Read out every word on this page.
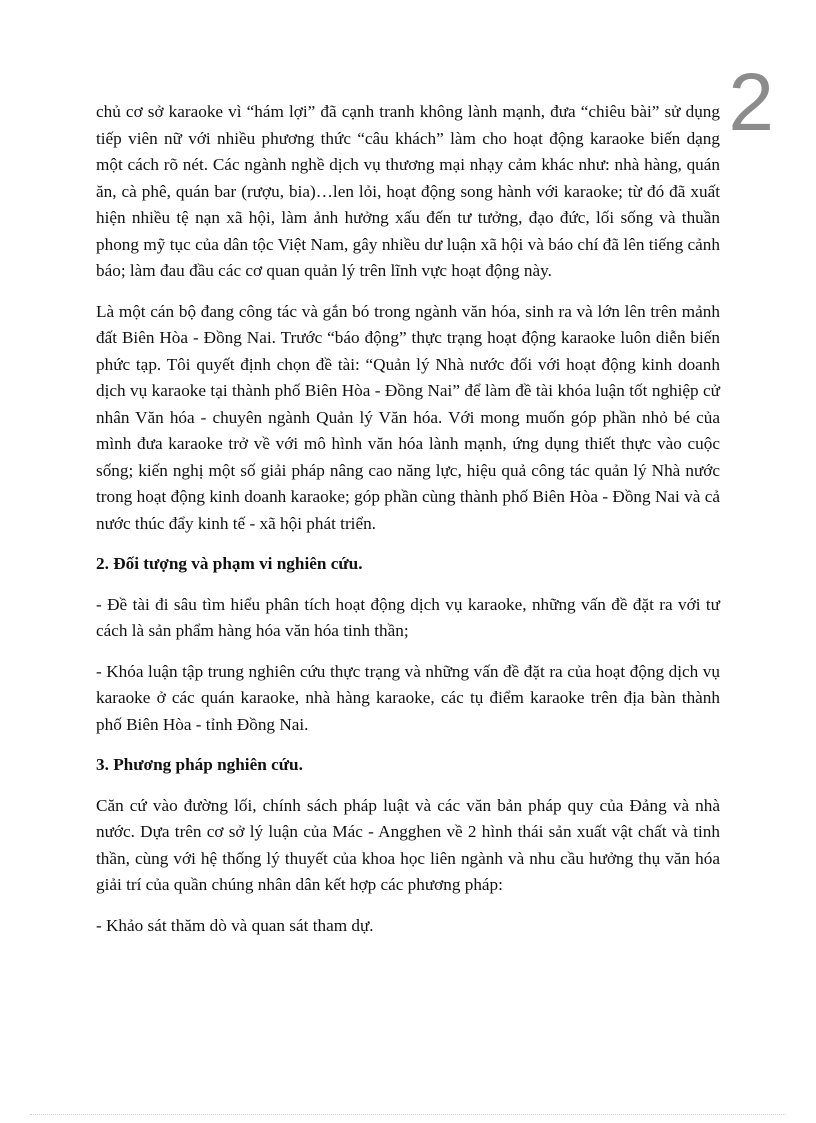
2

chủ cơ sở karaoke vì “hám lợi” đã cạnh tranh không lành mạnh, đưa “chiêu bài” sử dụng tiếp viên nữ với nhiều phương thức “câu khách” làm cho hoạt động karaoke biến dạng một cách rõ nét. Các ngành nghề dịch vụ thương mại nhạy cảm khác như: nhà hàng, quán ăn, cà phê, quán bar (rượu, bia)…len lỏi, hoạt động song hành với karaoke; từ đó đã xuất hiện nhiều tệ nạn xã hội, làm ảnh hưởng xấu đến tư tưởng, đạo đức, lối sống và thuần phong mỹ tục của dân tộc Việt Nam, gây nhiều dư luận xã hội và báo chí đã lên tiếng cảnh báo; làm đau đầu các cơ quan quản lý trên lĩnh vực hoạt động này.

Là một cán bộ đang công tác và gắn bó trong ngành văn hóa, sinh ra và lớn lên trên mảnh đất Biên Hòa - Đồng Nai. Trước “báo động” thực trạng hoạt động karaoke luôn diễn biến phức tạp. Tôi quyết định chọn đề tài: “Quản lý Nhà nước đối với hoạt động kinh doanh dịch vụ karaoke tại thành phố Biên Hòa - Đồng Nai” để làm đề tài khóa luận tốt nghiệp cử nhân Văn hóa - chuyên ngành Quản lý Văn hóa. Với mong muốn góp phần nhỏ bé của mình đưa karaoke trở về với mô hình văn hóa lành mạnh, ứng dụng thiết thực vào cuộc sống; kiến nghị một số giải pháp nâng cao năng lực, hiệu quả công tác quản lý Nhà nước trong hoạt động kinh doanh karaoke; góp phần cùng thành phố Biên Hòa - Đồng Nai và cả nước thúc đẩy kinh tế - xã hội phát triển.

2. Đối tượng và phạm vi nghiên cứu.

- Đề tài đi sâu tìm hiểu phân tích hoạt động dịch vụ karaoke, những vấn đề đặt ra với tư cách là sản phẩm hàng hóa văn hóa tinh thần;

- Khóa luận tập trung nghiên cứu thực trạng và những vấn đề đặt ra của hoạt động dịch vụ karaoke ở các quán karaoke, nhà hàng karaoke, các tụ điểm karaoke trên địa bàn thành phố Biên Hòa - tỉnh Đồng Nai.

3. Phương pháp nghiên cứu.

Căn cứ vào đường lối, chính sách pháp luật và các văn bản pháp quy của Đảng và nhà nước. Dựa trên cơ sở lý luận của Mác - Angghen về 2 hình thái sản xuất vật chất và tinh thần, cùng với hệ thống lý thuyết của khoa học liên ngành và nhu cầu hưởng thụ văn hóa giải trí của quần chúng nhân dân kết hợp các phương pháp:

- Khảo sát thăm dò và quan sát tham dự.
